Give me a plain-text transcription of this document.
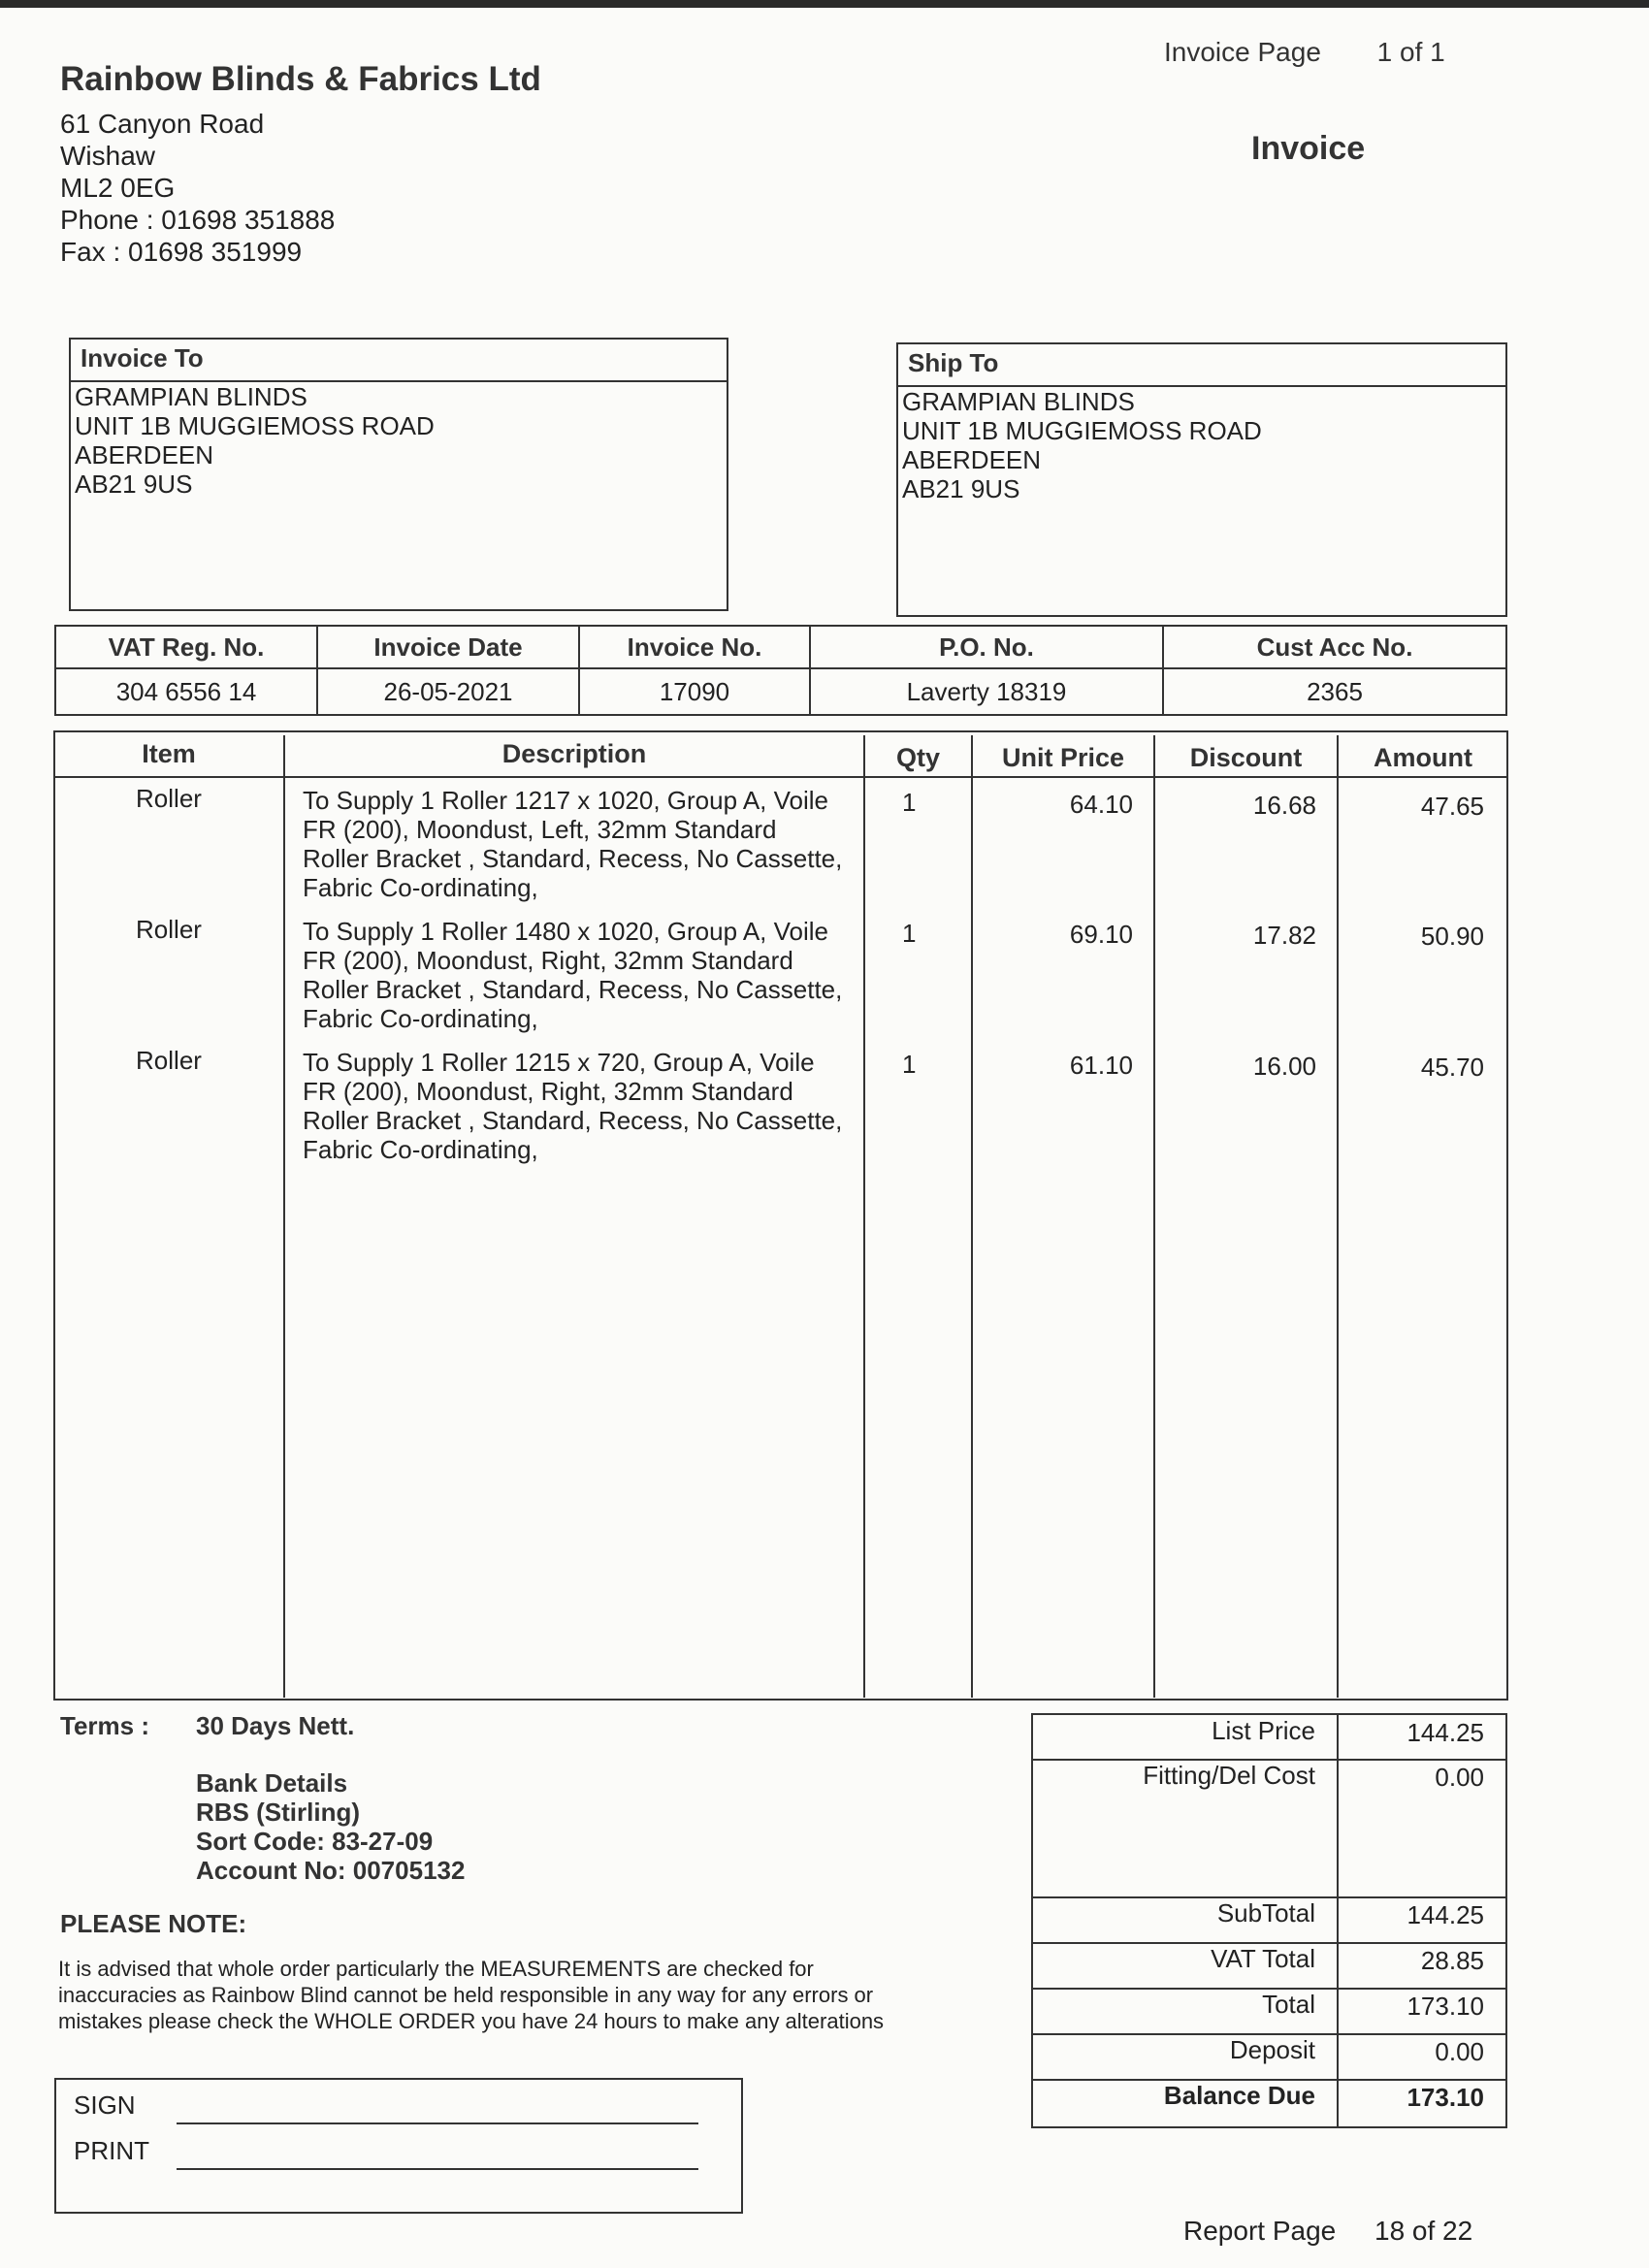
Rainbow Blinds & Fabrics Ltd
61 Canyon Road
Wishaw
ML2 0EG
Phone : 01698 351888
Fax : 01698 351999
Invoice Page 1 of 1
Invoice
Invoice To
GRAMPIAN BLINDS
UNIT 1B MUGGIEMOSS ROAD
ABERDEEN
AB21 9US
Ship To
GRAMPIAN BLINDS
UNIT 1B MUGGIEMOSS ROAD
ABERDEEN
AB21 9US
VAT Reg. No.	Invoice Date	Invoice No.	P.O. No.	Cust Acc No.
304 6556 14	26-05-2021	17090	Laverty 18319	2365
Item	Description	Qty	Unit Price	Discount	Amount
Roller	To Supply 1 Roller 1217 x 1020, Group A, Voile
FR (200), Moondust, Left, 32mm Standard
Roller Bracket , Standard, Recess, No Cassette,
Fabric Co-ordinating,
1	64.10	16.68	47.65
Roller	To Supply 1 Roller 1480 x 1020, Group A, Voile
FR (200), Moondust, Right, 32mm Standard
Roller Bracket , Standard, Recess, No Cassette,
Fabric Co-ordinating,
1	69.10	17.82	50.90
Roller	To Supply 1 Roller 1215 x 720, Group A, Voile
FR (200), Moondust, Right, 32mm Standard
Roller Bracket , Standard, Recess, No Cassette,
Fabric Co-ordinating,
1	61.10	16.00	45.70
Terms : 30 Days Nett.
Bank Details
RBS (Stirling)
Sort Code: 83-27-09
Account No: 00705132
PLEASE NOTE:
It is advised that whole order particularly the MEASUREMENTS are checked for
inaccuracies as Rainbow Blind cannot be held responsible in any way for any errors or
mistakes please check the WHOLE ORDER you have 24 hours to make any alterations
SIGN
PRINT
List Price	144.25
Fitting/Del Cost	0.00
SubTotal	144.25
VAT Total	28.85
Total	173.10
Deposit	0.00
Balance Due	173.10
Report Page 18 of 22
